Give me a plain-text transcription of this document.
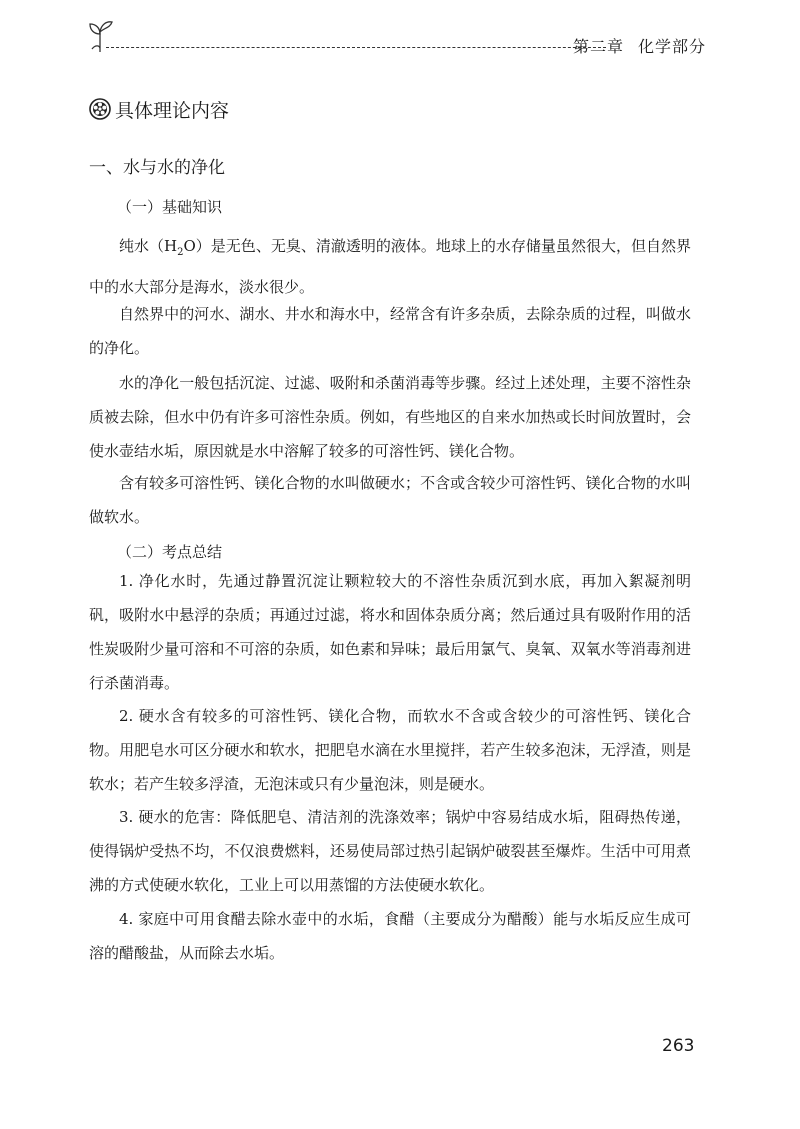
第二章 化学部分
具体理论内容
一、水与水的净化
（一）基础知识

纯水$(H_2O)$是无色、无臭、清澈透明的液体。地球上的水存储量虽然很大，但自然界中的水大部分是海水，淡水很少。

自然界中的河水、湖水、井水和海水中，经常含有许多杂质，去除杂质的过程，叫做水的净化。

水的净化一般包括沉淀、过滤、吸附和杀菌消毒等步骤。经过上述处理，主要不溶性杂质被去除，但水中仍有许多可溶性杂质。例如，有些地区的自来水加热或长时间放置时，会使水壶结水垢，原因就是水中溶解了较多的可溶性钙、镁化合物。

含有较多可溶性钙、镁化合物的水叫做硬水；不含或含较少可溶性钙、镁化合物的水叫做软水。

（二）考点总结

1. 净化水时，先通过静置沉淀让颗粒较大的不溶性杂质沉到水底，再加入絮凝剂明矾，吸附水中悬浮的杂质；再通过过滤，将水和固体杂质分离；然后通过具有吸附作用的活性炭吸附少量可溶和不可溶的杂质，如色素和异味；最后用氯气、臭氧、双氧水等消毒剂进行杀菌消毒。

2. 硬水含有较多的可溶性钙、镁化合物，而软水不含或含较少的可溶性钙、镁化合物。用肥皂水可区分硬水和软水，把肥皂水滴在水里搅拌，若产生较多泡沫，无浮渣，则是软水；若产生较多浮渣，无泡沫或只有少量泡沫，则是硬水。

3. 硬水的危害：降低肥皂、清洁剂的洗涤效率；锅炉中容易结成水垢，阻碍热传递，使得锅炉受热不均，不仅浪费燃料，还易使局部过热引起锅炉破裂甚至爆炸。生活中可用煮沸的方式使硬水软化，工业上可以用蒸馏的方法使硬水软化。

4. 家庭中可用食醋去除水壶中的水垢，食醋（主要成分为醋酸）能与水垢反应生成可溶的醋酸盐，从而除去水垢。

263
